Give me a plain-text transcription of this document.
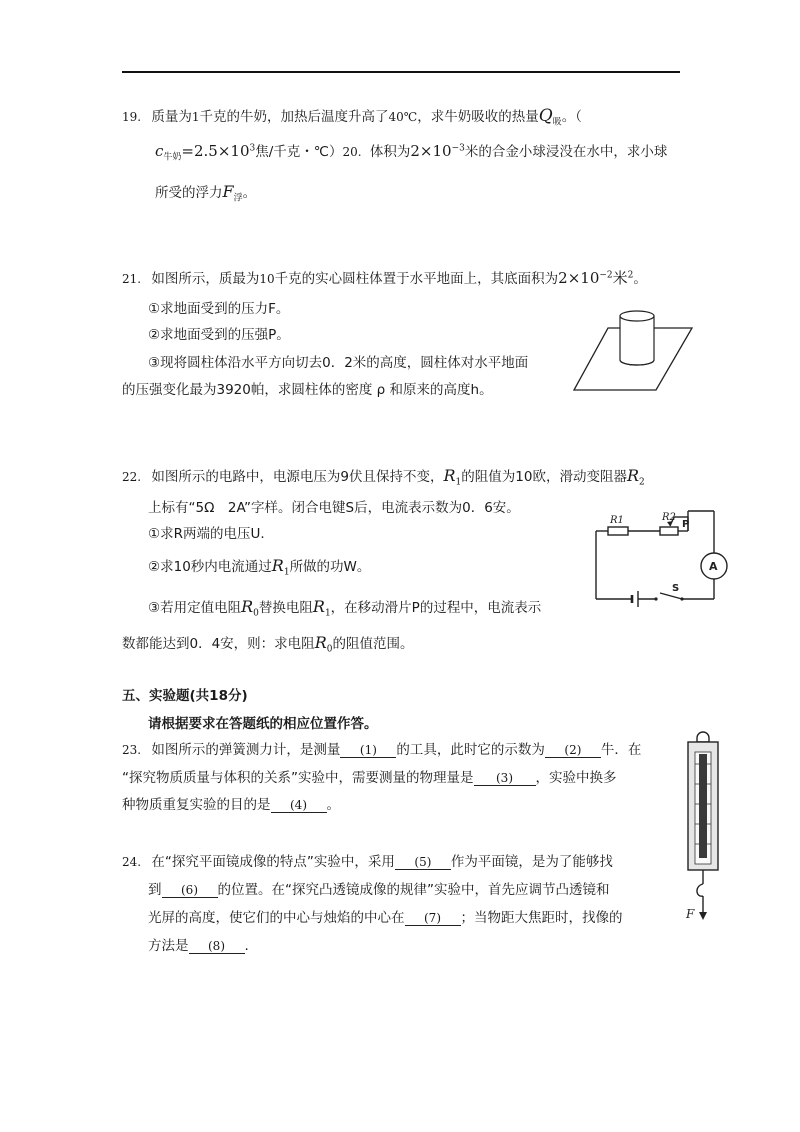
19. 质量为1千克的牛奶，加热后温度升高了40℃，求牛奶吸收的热量$Q_吸$。（
$c_{牛奶}=2.5\times 10^3$焦/千克・℃）20. 体积为$2\times 10^{-3}$米的合金小球浸没在水中，求小球
所受的浮力$F_浮$。
21. 如图所示，质最为10千克的实心圆柱体置于水平地面上，其底面积为$2\times 10^{-2}$米$^2$。
①求地面受到的压力F。
②求地面受到的压强P。
③现将圆柱体沿水平方向切去0．2米的高度，圆柱体对水平地面
的压强变化最为3920帕，求圆柱体的密度 ρ 和原来的高度h。
22. 如图所示的电路中，电源电压为9伏且保持不变，$R_1$的阻值为10欧，滑动变阻器$R_2$
上标有“5Ω　2A”字样。闭合电键S后，电流表示数为0．6安。
①求R两端的电压U.
②求10秒内电流通过$R_1$所做的功W。
③若用定值电阻$R_0$替换电阻$R_1$，在移动滑片P的过程中，电流表示
数都能达到0．4安，则：求电阻$R_0$的阻值范围。
R1	R2
P
A
S
五、实验题(共18分)
请根据要求在答题纸的相应位置作答。
23. 如图所示的弹簧测力计，是测量 (1) 的工具，此时它的示数为 (2) 牛．在
“探究物质质量与体积的关系”实验中，需要测量的物理量是 (3) ，实验中换多
种物质重复实验的目的是 (4) 。
F
24. 在“探究平面镜成像的特点”实验中，采用 (5) 作为平面镜，是为了能够找
到 (6) 的位置。在“探究凸透镜成像的规律”实验中，首先应调节凸透镜和
光屏的高度，使它们的中心与烛焰的中心在 (7) ；当物距大焦距时，找像的
方法是 (8) .
